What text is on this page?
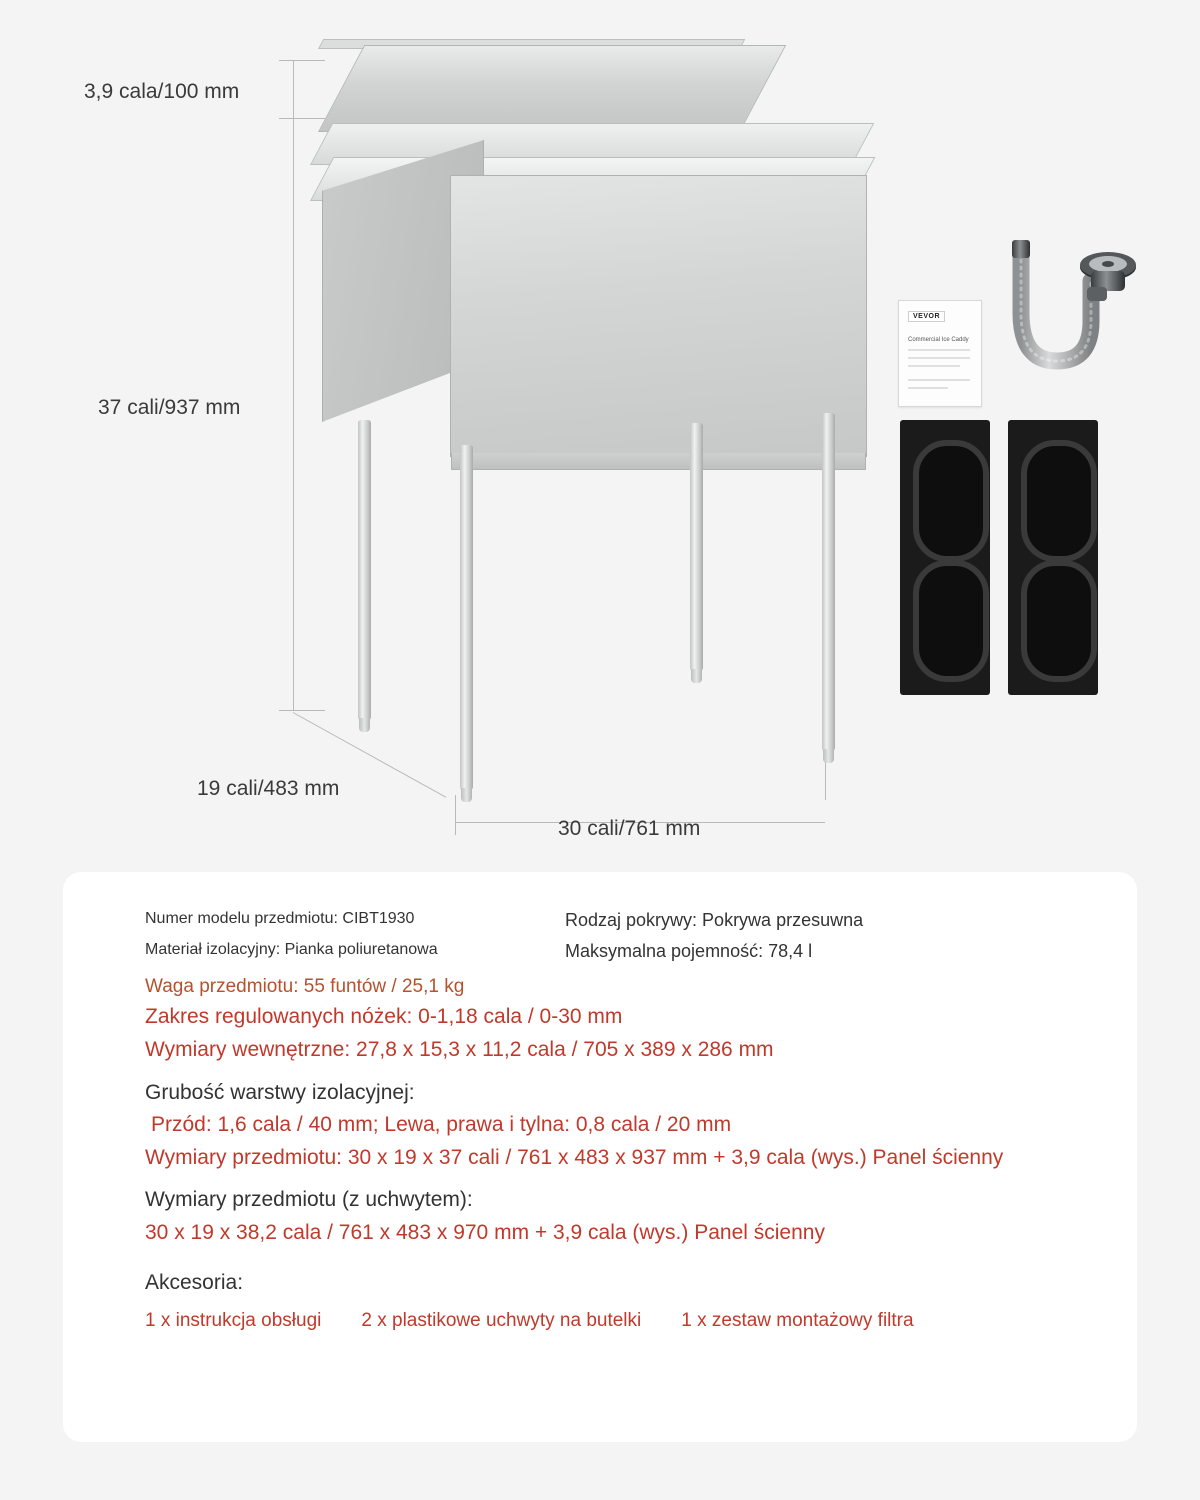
3,9 cala/100 mm
37 cali/937 mm
19 cali/483 mm
30 cali/761 mm
VEVOR
Commercial Ice Caddy
Numer modelu przedmiotu: CIBT1930	Rodzaj pokrywy: Pokrywa przesuwna
Materiał izolacyjny: Pianka poliuretanowa	Maksymalna pojemność: 78,4 l
Waga przedmiotu: 55 funtów / 25,1 kg
Zakres regulowanych nóżek: 0-1,18 cala / 0-30 mm
Wymiary wewnętrzne: 27,8 x 15,3 x 11,2 cala / 705 x 389 x 286 mm
Grubość warstwy izolacyjnej:
Przód: 1,6 cala / 40 mm; Lewa, prawa i tylna: 0,8 cala / 20 mm
Wymiary przedmiotu: 30 x 19 x 37 cali / 761 x 483 x 937 mm + 3,9 cala (wys.) Panel ścienny
Wymiary przedmiotu (z uchwytem):
30 x 19 x 38,2 cala / 761 x 483 x 970 mm + 3,9 cala (wys.) Panel ścienny
Akcesoria:
1 x instrukcja obsługi 2 x plastikowe uchwyty na butelki 1 x zestaw montażowy filtra
